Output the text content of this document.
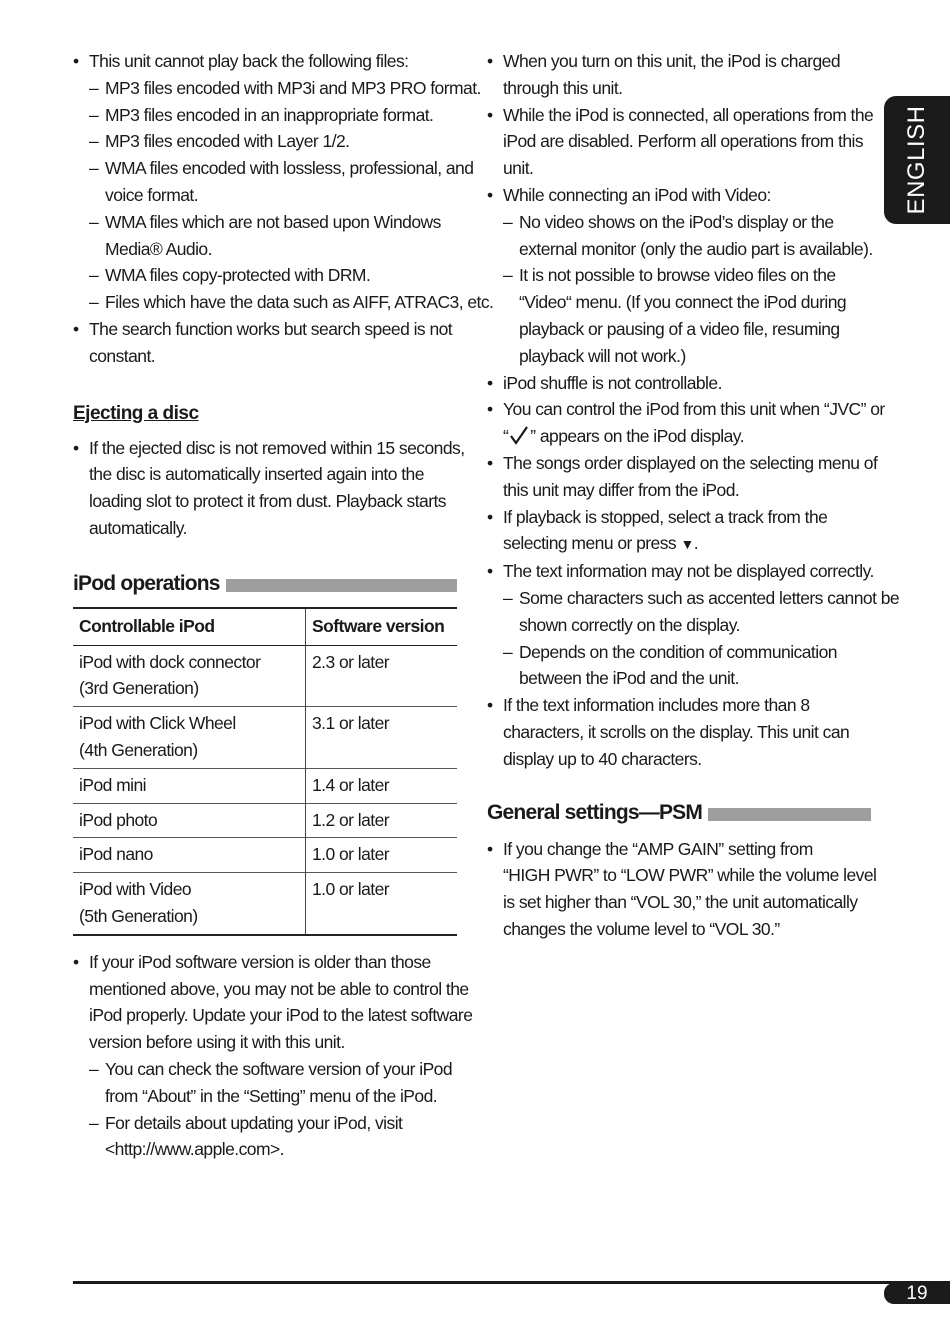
• This unit cannot play back the following files:
– MP3 files encoded with MP3i and MP3 PRO format.
– MP3 files encoded in an inappropriate format.
– MP3 files encoded with Layer 1/2.
– WMA files encoded with lossless, professional, and
voice format.
– WMA files which are not based upon Windows
Media® Audio.
– WMA files copy-protected with DRM.
– Files which have the data such as AIFF, ATRAC3, etc.
• The search function works but search speed is not
constant.
Ejecting a disc
• If the ejected disc is not removed within 15 seconds,
the disc is automatically inserted again into the
loading slot to protect it from dust. Playback starts
automatically.
iPod operations
Controllable iPod	Software version

iPod with dock connector
(3rd Generation)	2.3 or later

iPod with Click Wheel
(4th Generation)	3.1 or later

iPod mini	1.4 or later

iPod photo	1.2 or later

iPod nano	1.0 or later

iPod with Video
(5th Generation)	1.0 or later
• If your iPod software version is older than those
mentioned above, you may not be able to control the
iPod properly. Update your iPod to the latest software
version before using it with this unit.
– You can check the software version of your iPod
from “About” in the “Setting” menu of the iPod.
– For details about updating your iPod, visit
<http://www.apple.com>.
• When you turn on this unit, the iPod is charged
through this unit.
• While the iPod is connected, all operations from the
iPod are disabled. Perform all operations from this
unit.
• While connecting an iPod with Video:
– No video shows on the iPod’s display or the
external monitor (only the audio part is available).
– It is not possible to browse video files on the
“Video“ menu. (If you connect the iPod during
playback or pausing of a video file, resuming
playback will not work.)
• iPod shuffle is not controllable.
• You can control the iPod from this unit when “JVC” or
“ ” appears on the iPod display.
• The songs order displayed on the selecting menu of
this unit may differ from the iPod.
• If playback is stopped, select a track from the
selecting menu or press ▼.
• The text information may not be displayed correctly.
– Some characters such as accented letters cannot be
shown correctly on the display.
– Depends on the condition of communication
between the iPod and the unit.
• If the text information includes more than 8
characters, it scrolls on the display. This unit can
display up to 40 characters.
General settings—PSM
• If you change the “AMP GAIN” setting from
“HIGH PWR” to “LOW PWR” while the volume level
is set higher than “VOL 30,” the unit automatically
changes the volume level to “VOL 30.”
ENGLISH
19
